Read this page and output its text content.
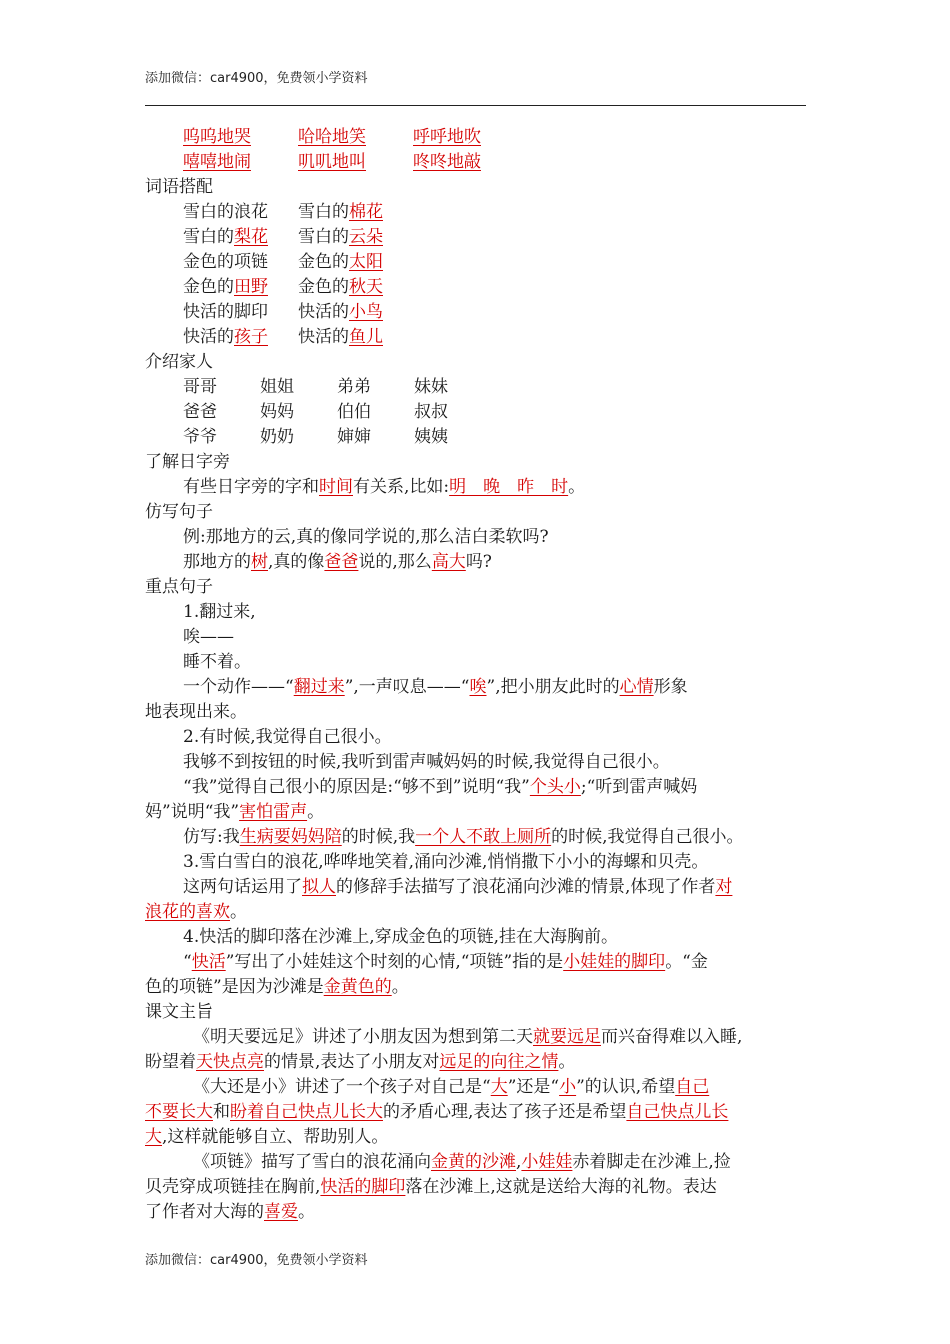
添加微信：car4900，免费领小学资料
呜呜地哭	哈哈地笑	呼呼地吹
嘻嘻地闹	叽叽地叫	咚咚地敲
词语搭配
雪白的浪花 雪白的棉花
雪白的梨花 雪白的云朵
金色的项链 金色的太阳
金色的田野 金色的秋天
快活的脚印 快活的小鸟
快活的孩子 快活的鱼儿
介绍家人
哥哥	姐姐	弟弟	妹妹
爸爸	妈妈	伯伯	叔叔
爷爷	奶奶	婶婶	姨姨
了解日字旁
有些日字旁的字和时间有关系,比如:明　晚　昨　时。
仿写句子
例:那地方的云,真的像同学说的,那么洁白柔软吗?
那地方的树,真的像爸爸说的,那么高大吗?
重点句子
1.翻过来,
唉——
睡不着。
一个动作——“翻过来”,一声叹息——“唉”,把小朋友此时的心情形象
地表现出来。
2.有时候,我觉得自己很小。
我够不到按钮的时候,我听到雷声喊妈妈的时候,我觉得自己很小。
“我”觉得自己很小的原因是:“够不到”说明“我”个头小;“听到雷声喊妈
妈”说明“我”害怕雷声。
仿写:我生病要妈妈陪的时候,我一个人不敢上厕所的时候,我觉得自己很小。
3.雪白雪白的浪花,哗哗地笑着,涌向沙滩,悄悄撒下小小的海螺和贝壳。
这两句话运用了拟人的修辞手法描写了浪花涌向沙滩的情景,体现了作者对
浪花的喜欢。
4.快活的脚印落在沙滩上,穿成金色的项链,挂在大海胸前。
“快活”写出了小娃娃这个时刻的心情,“项链”指的是小娃娃的脚印。“金
色的项链”是因为沙滩是金黄色的。
课文主旨
《明天要远足》讲述了小朋友因为想到第二天就要远足而兴奋得难以入睡,
盼望着天快点亮的情景,表达了小朋友对远足的向往之情。
《大还是小》讲述了一个孩子对自己是“大”还是“小”的认识,希望自己
不要长大和盼着自己快点儿长大的矛盾心理,表达了孩子还是希望自己快点儿长
大,这样就能够自立、帮助别人。
《项链》描写了雪白的浪花涌向金黄的沙滩,小娃娃赤着脚走在沙滩上,捡
贝壳穿成项链挂在胸前,快活的脚印落在沙滩上,这就是送给大海的礼物。表达
了作者对大海的喜爱。
添加微信：car4900，免费领小学资料
